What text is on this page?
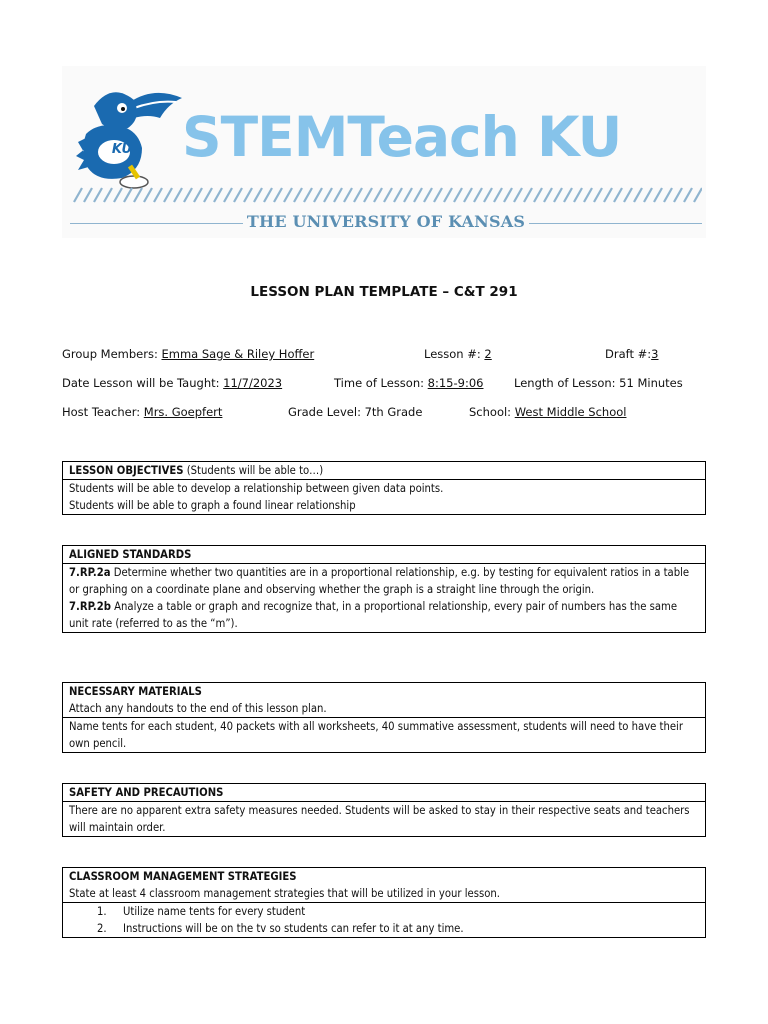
KU STEMTeach KU
THE UNIVERSITY OF KANSAS
LESSON PLAN TEMPLATE – C&T 291
Group Members: Emma Sage & Riley Hoffer	Lesson #: 2	Draft #:3
Date Lesson will be Taught: 11/7/2023	Time of Lesson: 8:15-9:06	Length of Lesson: 51 Minutes
Host Teacher: Mrs. Goepfert	Grade Level: 7th Grade	School: West Middle School
LESSON OBJECTIVES (Students will be able to…)
Students will be able to develop a relationship between given data points.
Students will be able to graph a found linear relationship
ALIGNED STANDARDS
7.RP.2a Determine whether two quantities are in a proportional relationship, e.g. by testing for equivalent ratios in a table or graphing on a coordinate plane and observing whether the graph is a straight line through the origin.
7.RP.2b Analyze a table or graph and recognize that, in a proportional relationship, every pair of numbers has the same unit rate (referred to as the “m”).
NECESSARY MATERIALS
Attach any handouts to the end of this lesson plan.
Name tents for each student, 40 packets with all worksheets, 40 summative assessment, students will need to have their own pencil.
SAFETY AND PRECAUTIONS
There are no apparent extra safety measures needed. Students will be asked to stay in their respective seats and teachers will maintain order.
CLASSROOM MANAGEMENT STRATEGIES
State at least 4 classroom management strategies that will be utilized in your lesson.
1. Utilize name tents for every student
2. Instructions will be on the tv so students can refer to it at any time.
